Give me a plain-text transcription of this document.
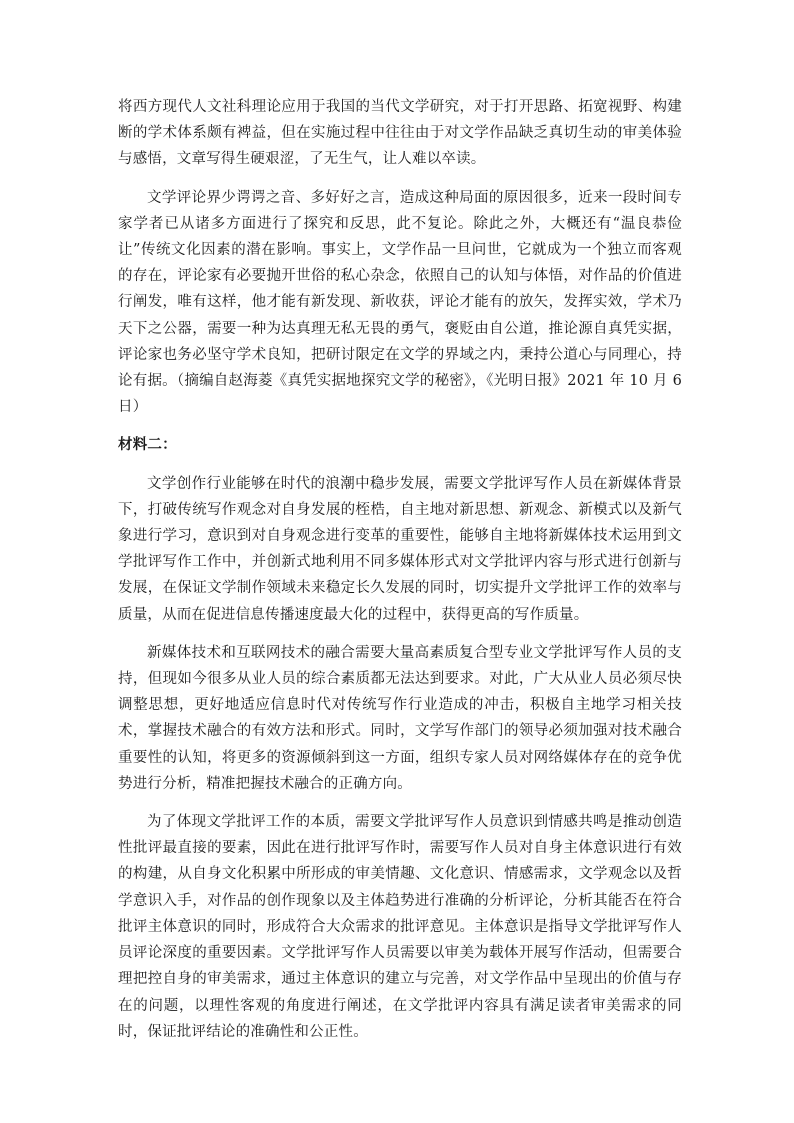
将西方现代人文社科理论应用于我国的当代文学研究，对于打开思路、拓宽视野、构建断的学术体系颇有裨益，但在实施过程中往往由于对文学作品缺乏真切生动的审美体验与感悟，文章写得生硬艰涩，了无生气，让人难以卒读。

文学评论界少谔谔之音、多好好之言，造成这种局面的原因很多，近来一段时间专家学者已从诸多方面进行了探究和反思，此不复论。除此之外，大概还有“温良恭俭让”传统文化因素的潜在影响。事实上，文学作品一旦问世，它就成为一个独立而客观的存在，评论家有必要抛开世俗的私心杂念，依照自己的认知与体悟，对作品的价值进行阐发，唯有这样，他才能有新发现、新收获，评论才能有的放矢，发挥实效，学术乃天下之公器，需要一种为达真理无私无畏的勇气，褒贬由自公道，推论源自真凭实据，评论家也务必坚守学术良知，把研讨限定在文学的界域之内，秉持公道心与同理心，持论有据。（摘编自赵海菱《真凭实据地探究文学的秘密》，《光明日报》2021 年 10 月 6 日）

材料二：

文学创作行业能够在时代的浪潮中稳步发展，需要文学批评写作人员在新媒体背景下，打破传统写作观念对自身发展的桎梏，自主地对新思想、新观念、新模式以及新气象进行学习，意识到对自身观念进行变革的重要性，能够自主地将新媒体技术运用到文学批评写作工作中，并创新式地利用不同多媒体形式对文学批评内容与形式进行创新与发展，在保证文学制作领域未来稳定长久发展的同时，切实提升文学批评工作的效率与质量，从而在促进信息传播速度最大化的过程中，获得更高的写作质量。

新媒体技术和互联网技术的融合需要大量高素质复合型专业文学批评写作人员的支持，但现如今很多从业人员的综合素质都无法达到要求。对此，广大从业人员必须尽快调整思想，更好地适应信息时代对传统写作行业造成的冲击，积极自主地学习相关技术，掌握技术融合的有效方法和形式。同时，文学写作部门的领导必须加强对技术融合重要性的认知，将更多的资源倾斜到这一方面，组织专家人员对网络媒体存在的竞争优势进行分析，精准把握技术融合的正确方向。

为了体现文学批评工作的本质，需要文学批评写作人员意识到情感共鸣是推动创造性批评最直接的要素，因此在进行批评写作时，需要写作人员对自身主体意识进行有效的构建，从自身文化积累中所形成的审美情趣、文化意识、情感需求，文学观念以及哲学意识入手，对作品的创作现象以及主体趋势进行准确的分析评论，分析其能否在符合批评主体意识的同时，形成符合大众需求的批评意见。主体意识是指导文学批评写作人员评论深度的重要因素。文学批评写作人员需要以审美为载体开展写作活动，但需要合理把控自身的审美需求，通过主体意识的建立与完善，对文学作品中呈现出的价值与存在的问题，以理性客观的角度进行阐述，在文学批评内容具有满足读者审美需求的同时，保证批评结论的准确性和公正性。
